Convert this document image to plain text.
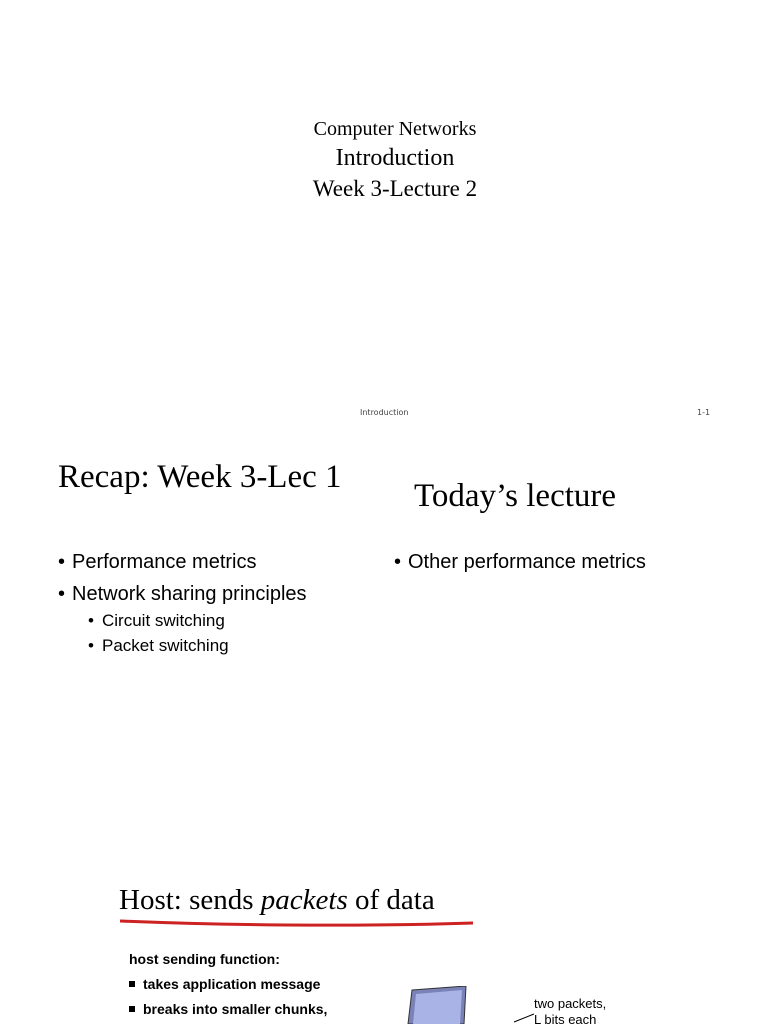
Computer Networks
Introduction
Week 3-Lecture 2
Introduction	1-1
Recap: Week 3-Lec 1
Today’s lecture
• Performance metrics
• Network sharing principles
• Circuit switching
• Packet switching
• Other performance metrics
Host: sends packets of data
host sending function:
takes application message
breaks into smaller chunks,	two packets,
L bits each
